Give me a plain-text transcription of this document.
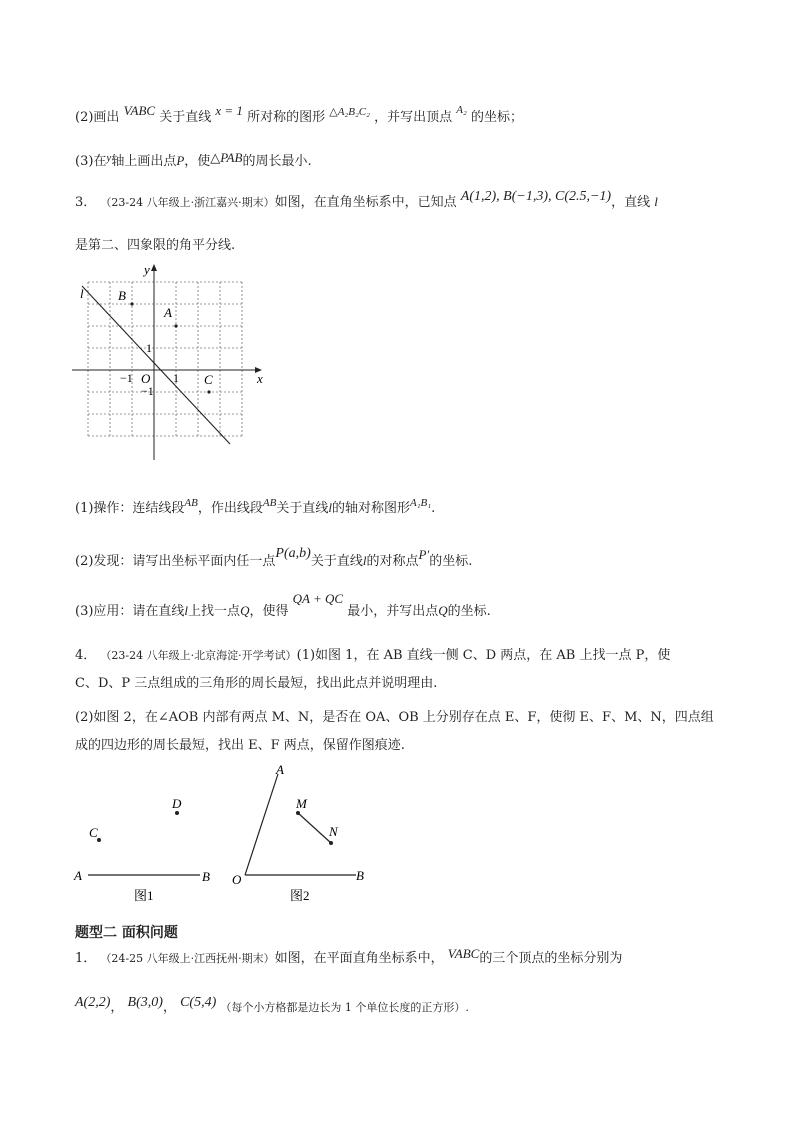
(2)画出 VABC 关于直线 x = 1 所对称的图形 $^{\triangle A_2B_2C_2}$ ，并写出顶点 $^{A_2}$ 的坐标；
(3)在$^y$轴上画出点P，使△PAB的周长最小.
3． （23-24 八年级上·浙江嘉兴·期末）如图，在直角坐标系中，已知点 A(1,2), B(−1,3), C(2.5,−1)，直线 l
是第二、四象限的角平分线.
x
y
l
O 1
−1
1
−1
A
B
C
(1)操作：连结线段$^{AB}$，作出线段$^{AB}$关于直线l的轴对称图形$^{A_1B_1}$.
(2)发现：请写出坐标平面内任一点P(a,b)关于直线l的对称点P′的坐标.
(3)应用：请在直线l上找一点Q，使得 QA + QC 最小，并写出点Q的坐标.
4． （23-24 八年级上·北京海淀·开学考试）(1)如图 1，在 AB 直线一侧 C、D 两点，在 AB 上找一点 P，使
C、D、P 三点组成的三角形的周长最短，找出此点并说明理由.
(2)如图 2，在∠AOB 内部有两点 M、N，是否在 OA、OB 上分别存在点 E、F，使彻 E、F、M、N，四点组
成的四边形的周长最短，找出 E、F 两点，保留作图痕迹.
A	B
C
D
图1
A
O	B
M
N
图2
题型二 面积问题
1． （24-25 八年级上·江西抚州·期末）如图，在平面直角坐标系中， VABC的三个顶点的坐标分别为
A(2,2)， B(3,0)， C(5,4) （每个小方格都是边长为 1 个单位长度的正方形）.
